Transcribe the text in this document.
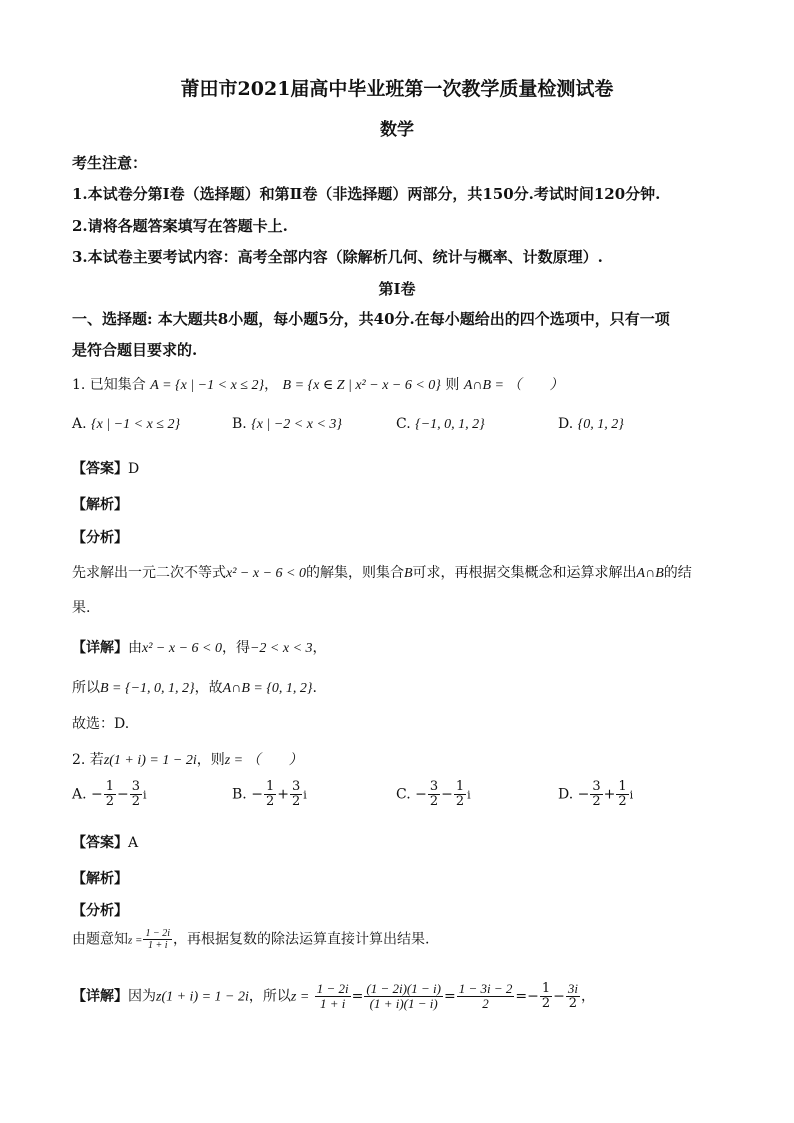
莆田市2021届高中毕业班第一次教学质量检测试卷
数学
考生注意：
1.本试卷分第Ⅰ卷（选择题）和第Ⅱ卷（非选择题）两部分，共150分.考试时间120分钟.
2.请将各题答案填写在答题卡上.
3.本试卷主要考试内容：高考全部内容（除解析几何、统计与概率、计数原理）.
第Ⅰ卷
一、选择题: 本大题共8小题，每小题5分，共40分.在每小题给出的四个选项中，只有一项
是符合题目要求的.
1. 已知集合 A = {x | −1 < x ≤ 2}， B = {x ∈ Z | x² − x − 6 < 0} 则 A∩B = （　　）
A. {x | −1 < x ≤ 2}	B. {x | −2 < x < 3}	C. {−1, 0, 1, 2}	D. {0, 1, 2}
【答案】D
【解析】
【分析】
先求解出一元二次不等式x² − x − 6 < 0的解集，则集合B可求，再根据交集概念和运算求解出A∩B的结
果.
【详解】由x² − x − 6 < 0，得−2 < x < 3，
所以B = {−1, 0, 1, 2}，故A∩B = {0, 1, 2}.
故选：D.
2. 若z(1 + i) = 1 − 2i，则z = （　　）
A. − $\frac{1}{2} - \frac{3}{2}$ i	B. − $\frac{1}{2} + \frac{3}{2}$ i	C. − $\frac{3}{2} - \frac{1}{2}$ i	D. − $\frac{3}{2} + \frac{1}{2}$ i
【答案】A
【解析】
【分析】
由题意知$z = \frac{1 - 2i}{1 + i}$ ，再根据复数的除法运算直接计算出结果.
【详解】因为z(1 + i) = 1 − 2i，所以$z = \frac{1 - 2i}{1 + i} = \frac{(1 - 2i)(1 - i)}{(1 + i)(1 - i)} = \frac{1 - 3i - 2}{2} =- \frac{1}{2} - \frac{3i}{2}$ ，
